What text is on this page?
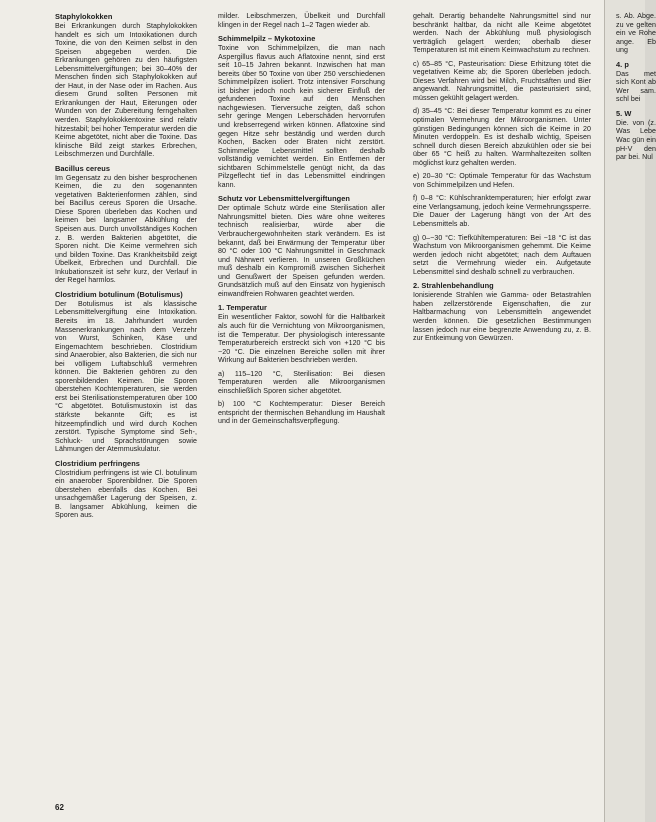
Staphylokokken

Bei Erkrankungen durch Staphylokokken handelt es sich um Intoxikationen durch Toxine, die von den Keimen selbst in den Speisen abgegeben werden. Die Erkrankungen gehören zu den häufigsten Lebensmittelvergiftungen; bei 30–40% der Menschen finden sich Staphylokokken auf der Haut, in der Nase oder im Rachen. Aus diesem Grund sollten Personen mit Erkrankungen der Haut, Eiterungen oder Wunden von der Zubereitung ferngehalten werden. Staphylokokkentoxine sind relativ hitzestabil; bei hoher Temperatur werden die Keime abgetötet, nicht aber die Toxine. Das klinische Bild zeigt starkes Erbrechen, Leibschmerzen und Durchfälle.

Bacillus cereus

Im Gegensatz zu den bisher besprochenen Keimen, die zu den sogenannten vegetativen Bakterienformen zählen, sind bei Bacillus cereus Sporen die Ursache. Diese Sporen überleben das Kochen und keimen bei langsamer Abkühlung der Speisen aus. Durch unvollständiges Kochen z. B. werden Bakterien abgetötet, die Sporen nicht. Die Keime vermehren sich und bilden Toxine. Das Krankheitsbild zeigt Übelkeit, Erbrechen und Durchfall. Die Inkubationszeit ist sehr kurz, der Verlauf in der Regel harmlos.

Clostridium botulinum (Botulismus)

Der Botulismus ist als klassische Lebensmittelvergiftung eine Intoxikation. Bereits im 18. Jahrhundert wurden Massenerkrankungen nach dem Verzehr von Wurst, Schinken, Käse und Eingemachtem beschrieben. Clostridium sind Anaerobier, also Bakterien, die sich nur bei völligem Luftabschluß vermehren können. Die Bakterien gehören zu den sporenbildenden Keimen. Die Sporen überstehen Kochtemperaturen, sie werden erst bei Sterilisationstemperaturen über 100 °C abgetötet. Botulismustoxin ist das stärkste bekannte Gift; es ist hitzeempfindlich und wird durch Kochen zerstört. Typische Symptome sind Seh-, Schluck- und Sprachstörungen sowie Lähmungen der Atemmuskulatur.

Clostridium perfringens

Clostridium perfringens ist wie Cl. botulinum ein anaerober Sporenbildner. Die Sporen überstehen ebenfalls das Kochen. Bei unsachgemäßer Lagerung der Speisen, z. B. langsamer Abkühlung, keimen die Sporen aus.

milder. Leibschmerzen, Übelkeit und Durchfall klingen in der Regel nach 1–2 Tagen wieder ab.

Schimmelpilz – Mykotoxine

Toxine von Schimmelpilzen, die man nach Aspergillus flavus auch Aflatoxine nennt, sind erst seit 10–15 Jahren bekannt. Inzwischen hat man bereits über 50 Toxine von über 250 verschiedenen Schimmelpilzen isoliert. Trotz intensiver Forschung ist bisher jedoch noch kein sicherer Einfluß der gefundenen Toxine auf den Menschen nachgewiesen. Tierversuche zeigten, daß schon sehr geringe Mengen Leberschäden hervorrufen und krebserregend wirken können. Aflatoxine sind gegen Hitze sehr beständig und werden durch Kochen, Backen oder Braten nicht zerstört. Schimmelige Lebensmittel sollten deshalb vollständig vernichtet werden. Ein Entfernen der sichtbaren Schimmelstelle genügt nicht, da das Pilzgeflecht tief in das Lebensmittel eindringen kann.

Schutz vor Lebensmittelvergiftungen

Der optimale Schutz würde eine Sterilisation aller Nahrungsmittel bieten. Dies wäre ohne weiteres technisch realisierbar, würde aber die Verbrauchergewohnheiten stark verändern. Es ist bekannt, daß bei Erwärmung der Temperatur über 80 °C oder 100 °C Nahrungsmittel in Geschmack und Nährwert verlieren. In unseren Großküchen muß deshalb ein Kompromiß zwischen Sicherheit und Genußwert der Speisen gefunden werden. Grundsätzlich muß auf den Einsatz von hygienisch einwandfreien Rohwaren geachtet werden.

1. Temperatur

Ein wesentlicher Faktor, sowohl für die Haltbarkeit als auch für die Vernichtung von Mikroorganismen, ist die Temperatur. Der physiologisch interessante Temperaturbereich erstreckt sich von +120 °C bis −20 °C. Die einzelnen Bereiche sollen mit ihrer Wirkung auf Bakterien beschrieben werden.

a) 115–120 °C, Sterilisation: Bei diesen Temperaturen werden alle Mikroorganismen einschließlich Sporen sicher abgetötet.

b) 100 °C Kochtemperatur: Dieser Bereich entspricht der thermischen Behandlung im Haushalt und in der Gemeinschaftsverpflegung.

gehalt. Derartig behandelte Nahrungsmittel sind nur beschränkt haltbar, da nicht alle Keime abgetötet werden. Nach der Abkühlung muß physiologisch verträglich gelagert werden; oberhalb dieser Temperaturen ist mit einem Keimwachstum zu rechnen.

c) 65–85 °C, Pasteurisation: Diese Erhitzung tötet die vegetativen Keime ab; die Sporen überleben jedoch. Dieses Verfahren wird bei Milch, Fruchtsäften und Bier angewandt. Nahrungsmittel, die pasteurisiert sind, müssen gekühlt gelagert werden.

d) 35–45 °C: Bei dieser Temperatur kommt es zu einer optimalen Vermehrung der Mikroorganismen. Unter günstigen Bedingungen können sich die Keime in 20 Minuten verdoppeln. Es ist deshalb wichtig, Speisen schnell durch diesen Bereich abzukühlen oder sie bei über 65 °C heiß zu halten. Warmhaltezeiten sollten möglichst kurz gehalten werden.

e) 20–30 °C: Optimale Temperatur für das Wachstum von Schimmelpilzen und Hefen.

f) 0–8 °C: Kühlschranktemperaturen; hier erfolgt zwar eine Verlangsamung, jedoch keine Vermehrungssperre. Die Dauer der Lagerung hängt von der Art des Lebensmittels ab.

g) 0–−30 °C: Tiefkühltemperaturen: Bei −18 °C ist das Wachstum von Mikroorganismen gehemmt. Die Keime werden jedoch nicht abgetötet; nach dem Auftauen setzt die Vermehrung wieder ein. Aufgetaute Lebensmittel sind deshalb schnell zu verbrauchen.

2. Strahlenbehandlung

Ionisierende Strahlen wie Gamma- oder Betastrahlen haben zellzerstörende Eigenschaften, die zur Haltbarmachung von Lebensmitteln angewendet werden können. Die gesetzlichen Bestimmungen lassen jedoch nur eine begrenzte Anwendung zu, z. B. zur Entkeimung von Gewürzen.

s. Ab. Abge. zu ve gelten ein ve Rohe ange. Eb ung

4. p

Das met sich Kont ab Wer sam. schl bei

5. W

Die. von (z. Was Lebe Wac gün ein pH-V den par bei. Nul

62
